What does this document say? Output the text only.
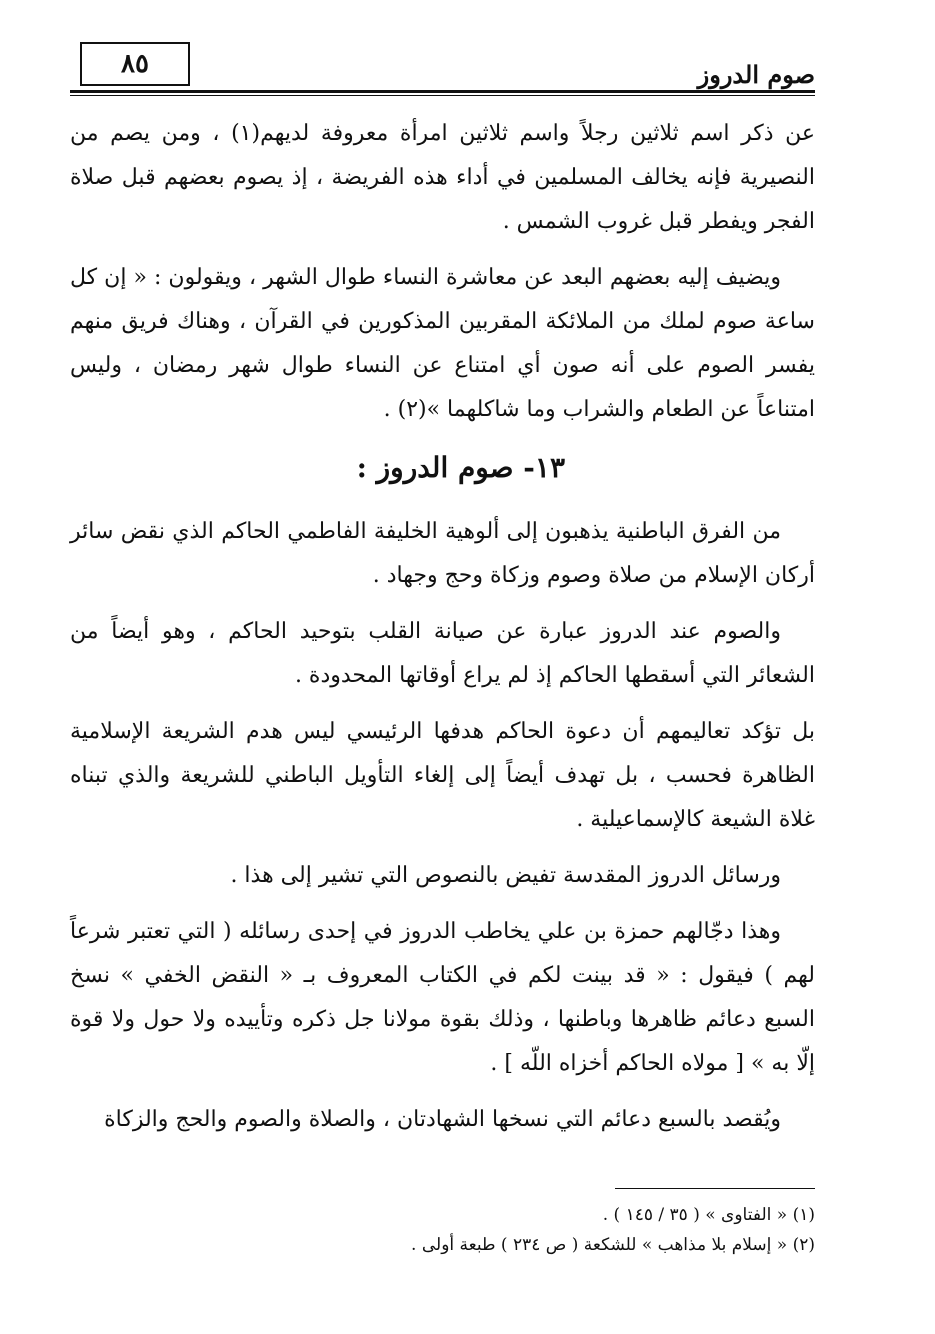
٨٥	صوم الدروز

عن ذكر اسم ثلاثين رجلاً واسم ثلاثين امرأة معروفة لديهم(١) ، ومن يصم من النصيرية فإنه يخالف المسلمين في أداء هذه الفريضة ، إذ يصوم بعضهم قبل صلاة الفجر ويفطر قبل غروب الشمس .

ويضيف إليه بعضهم البعد عن معاشرة النساء طوال الشهر ، ويقولون : « إن كل ساعة صوم لملك من الملائكة المقربين المذكورين في القرآن ، وهناك فريق منهم يفسر الصوم على أنه صون أي امتناع عن النساء طوال شهر رمضان ، وليس امتناعاً عن الطعام والشراب وما شاكلهما »(٢) .

١٣- صوم الدروز :

من الفرق الباطنية يذهبون إلى ألوهية الخليفة الفاطمي الحاكم الذي نقض سائر أركان الإسلام من صلاة وصوم وزكاة وحج وجهاد .

والصوم عند الدروز عبارة عن صيانة القلب بتوحيد الحاكم ، وهو أيضاً من الشعائر التي أسقطها الحاكم إذ لم يراع أوقاتها المحدودة .

بل تؤكد تعاليمهم أن دعوة الحاكم هدفها الرئيسي ليس هدم الشريعة الإسلامية الظاهرة فحسب ، بل تهدف أيضاً إلى إلغاء التأويل الباطني للشريعة والذي تبناه غلاة الشيعة كالإسماعيلية .

ورسائل الدروز المقدسة تفيض بالنصوص التي تشير إلى هذا .

وهذا دجّالهم حمزة بن علي يخاطب الدروز في إحدى رسائله ( التي تعتبر شرعاً لهم ) فيقول : « قد بينت لكم في الكتاب المعروف بـ « النقض الخفي » نسخ السبع دعائم ظاهرها وباطنها ، وذلك بقوة مولانا جل ذكره وتأييده ولا حول ولا قوة إلّا به » [ مولاه الحاكم أخزاه اللّه ] .

ويُقصد بالسبع دعائم التي نسخها الشهادتان ، والصلاة والصوم والحج والزكاة

(١) « الفتاوى » ( ٣٥ / ١٤٥ ) .
(٢) « إسلام بلا مذاهب » للشكعة ( ص ٢٣٤ ) طبعة أولى .
